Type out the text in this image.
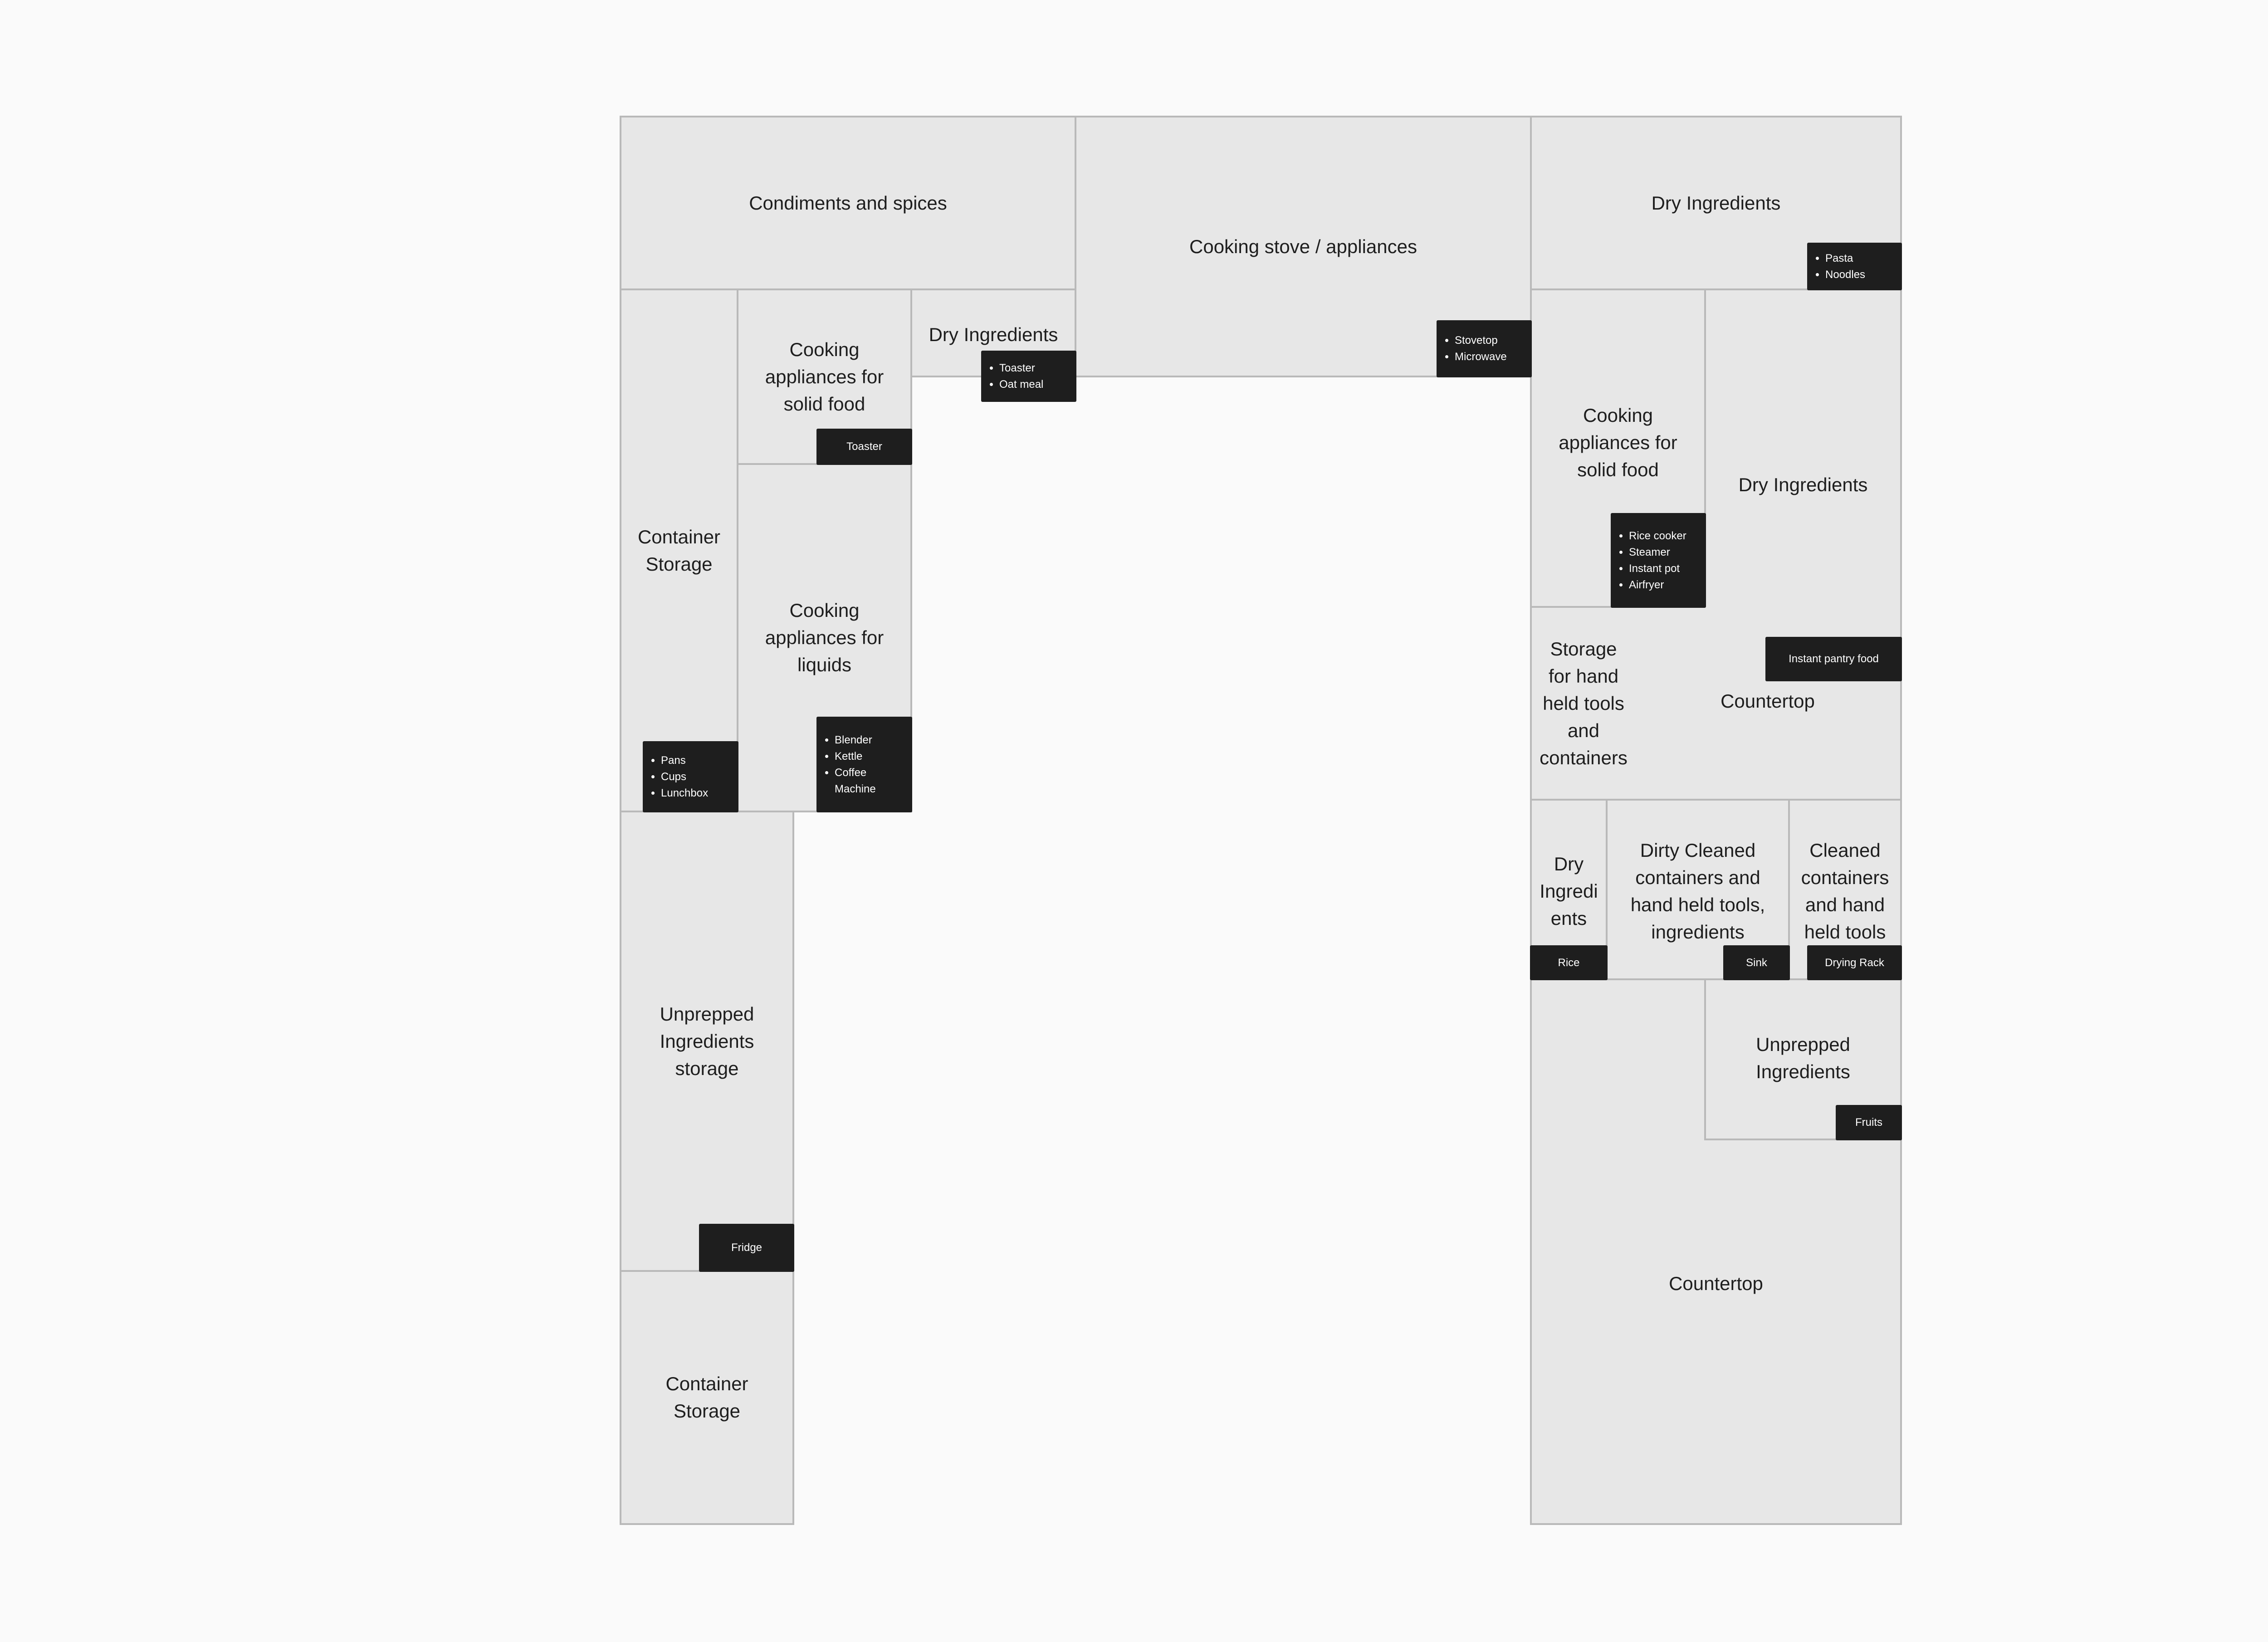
Condiments and spices
Cooking stove / appliances
Dry Ingredients
Container
Storage
Cooking
appliances for
solid food
Dry Ingredients
Cooking
appliances for
liquids
Unprepped
Ingredients
storage
Container
Storage
Cooking
appliances for
solid food
Dry Ingredients
Storage
for hand
held tools
and
containers
Countertop
Dry
Ingredi
ents
Dirty Cleaned
containers and
hand held tools,
ingredients
Cleaned
containers
and hand
held tools
Countertop
Unprepped
Ingredients
• Pasta
• Noodles
• Stovetop
• Microwave
• Toaster
• Oat meal
Toaster
• Pans
• Cups
• Lunchbox
• Blender
• Kettle
• Coffee Machine
Fridge
• Rice cooker
• Steamer
• Instant pot
• Airfryer
Instant pantry food
Rice	Sink	Drying Rack
Fruits
